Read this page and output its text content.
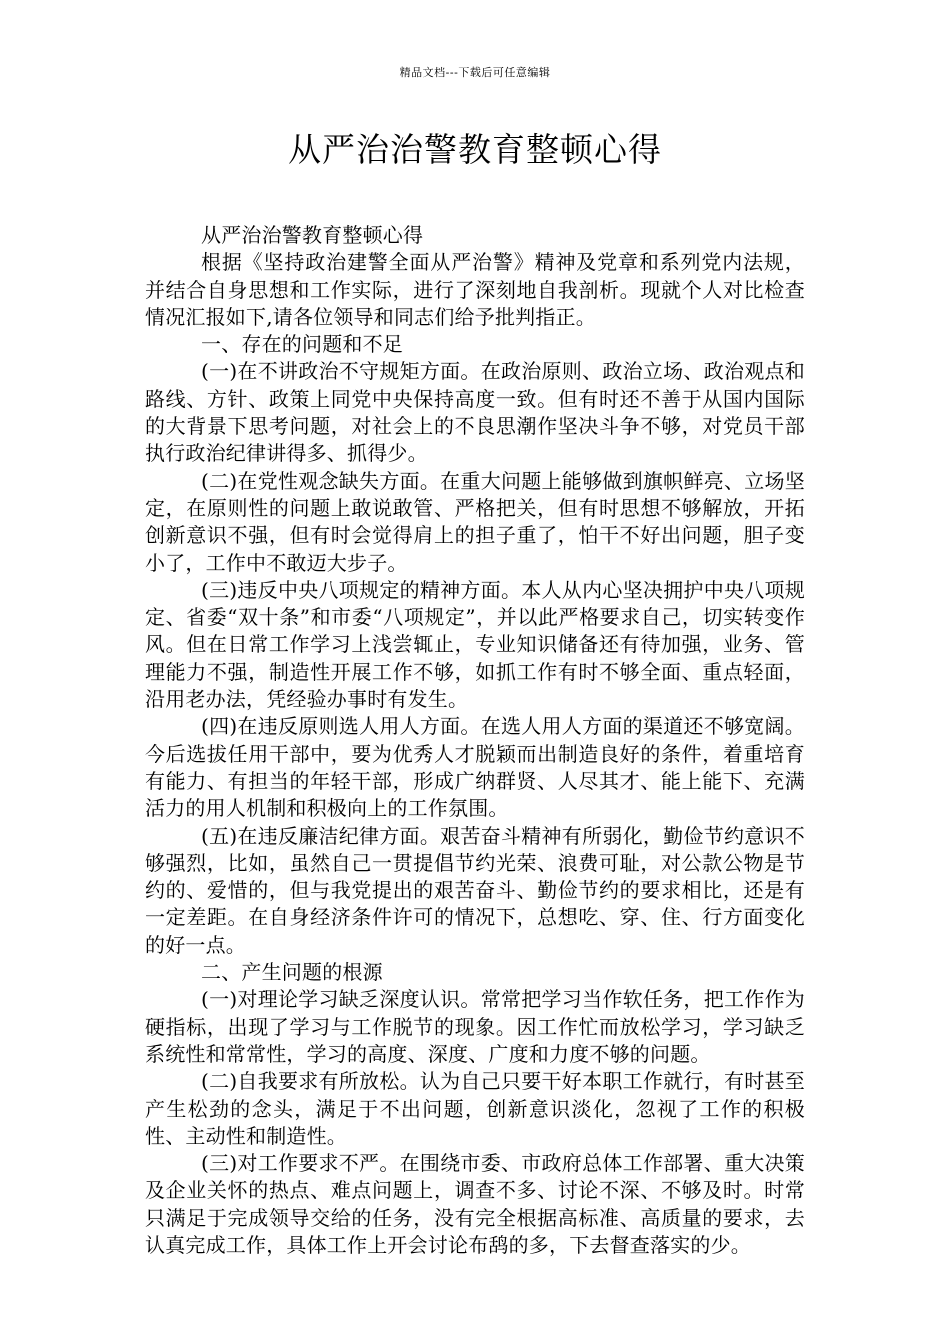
精品文档---下载后可任意编辑
从严治治警教育整顿心得

从严治治警教育整顿心得

根据《坚持政治建警全面从严治警》精神及党章和系列党内法规，并结合自身思想和工作实际，进行了深刻地自我剖析。现就个人对比检查情况汇报如下,请各位领导和同志们给予批判指正。

一、存在的问题和不足

(一)在不讲政治不守规矩方面。在政治原则、政治立场、政治观点和路线、方针、政策上同党中央保持高度一致。但有时还不善于从国内国际的大背景下思考问题，对社会上的不良思潮作坚决斗争不够，对党员干部执行政治纪律讲得多、抓得少。

(二)在党性观念缺失方面。在重大问题上能够做到旗帜鲜亮、立场坚定，在原则性的问题上敢说敢管、严格把关，但有时思想不够解放，开拓创新意识不强，但有时会觉得肩上的担子重了，怕干不好出问题，胆子变小了，工作中不敢迈大步子。

(三)违反中央八项规定的精神方面。本人从内心坚决拥护中央八项规定、省委“双十条”和市委“八项规定”，并以此严格要求自己，切实转变作风。但在日常工作学习上浅尝辄止，专业知识储备还有待加强，业务、管理能力不强，制造性开展工作不够，如抓工作有时不够全面、重点轻面，沿用老办法，凭经验办事时有发生。

(四)在违反原则选人用人方面。在选人用人方面的渠道还不够宽阔。今后选拔任用干部中，要为优秀人才脱颖而出制造良好的条件，着重培育有能力、有担当的年轻干部，形成广纳群贤、人尽其才、能上能下、充满活力的用人机制和积极向上的工作氛围。

(五)在违反廉洁纪律方面。艰苦奋斗精神有所弱化，勤俭节约意识不够强烈，比如，虽然自己一贯提倡节约光荣、浪费可耻，对公款公物是节约的、爱惜的，但与我党提出的艰苦奋斗、勤俭节约的要求相比，还是有一定差距。在自身经济条件许可的情况下，总想吃、穿、住、行方面变化的好一点。

二、产生问题的根源

(一)对理论学习缺乏深度认识。常常把学习当作软任务，把工作作为硬指标，出现了学习与工作脱节的现象。因工作忙而放松学习，学习缺乏系统性和常常性，学习的高度、深度、广度和力度不够的问题。

(二)自我要求有所放松。认为自己只要干好本职工作就行，有时甚至产生松劲的念头，满足于不出问题，创新意识淡化，忽视了工作的积极性、主动性和制造性。

(三)对工作要求不严。在围绕市委、市政府总体工作部署、重大决策及企业关怀的热点、难点问题上，调查不多、讨论不深、不够及时。时常只满足于完成领导交给的任务，没有完全根据高标准、高质量的要求，去认真完成工作，具体工作上开会讨论布鸹的多，下去督查落实的少。
